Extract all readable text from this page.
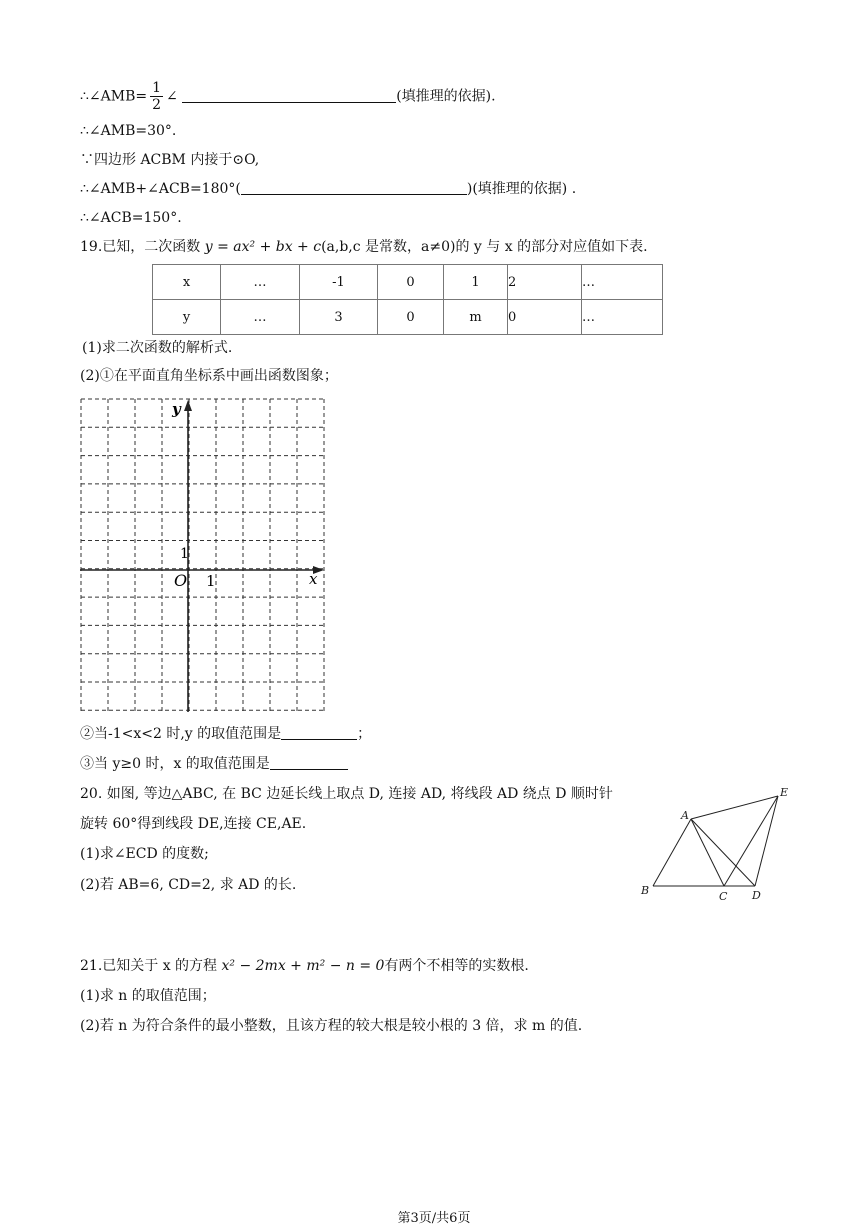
∴∠AMB= $\frac{1}{2}$ ∠	(填推理的依据).
∴∠AMB=30°.
∵四边形 ACBM 内接于⊙O,
∴∠AMB+∠ACB=180°(	)(填推理的依据) .
∴∠ACB=150°.
19.已知，二次函数 y = ax² + bx + c(a,b,c 是常数，a≠0)的 y 与 x 的部分对应值如下表.
x	…	-1	0	1	2	…
y	…	3	0	m	0	…
(1)求二次函数的解析式.
(2)①在平面直角坐标系中画出函数图象；
y
x
O 1
1
②当-1<x<2 时,y 的取值范围是	；
③当 y≥0 时，x 的取值范围是
20. 如图, 等边△ABC, 在 BC 边延长线上取点 D, 连接 AD, 将线段 AD 绕点 D 顺时针
旋转 60°得到线段 DE,连接 CE,AE.
(1)求∠ECD 的度数;
(2)若 AB=6, CD=2, 求 AD 的长.
A
B	C D
E
21.已知关于 x 的方程 x² − 2mx + m² − n = 0有两个不相等的实数根.
(1)求 n 的取值范围；
(2)若 n 为符合条件的最小整数，且该方程的较大根是较小根的 3 倍，求 m 的值.
第3页/共6页
